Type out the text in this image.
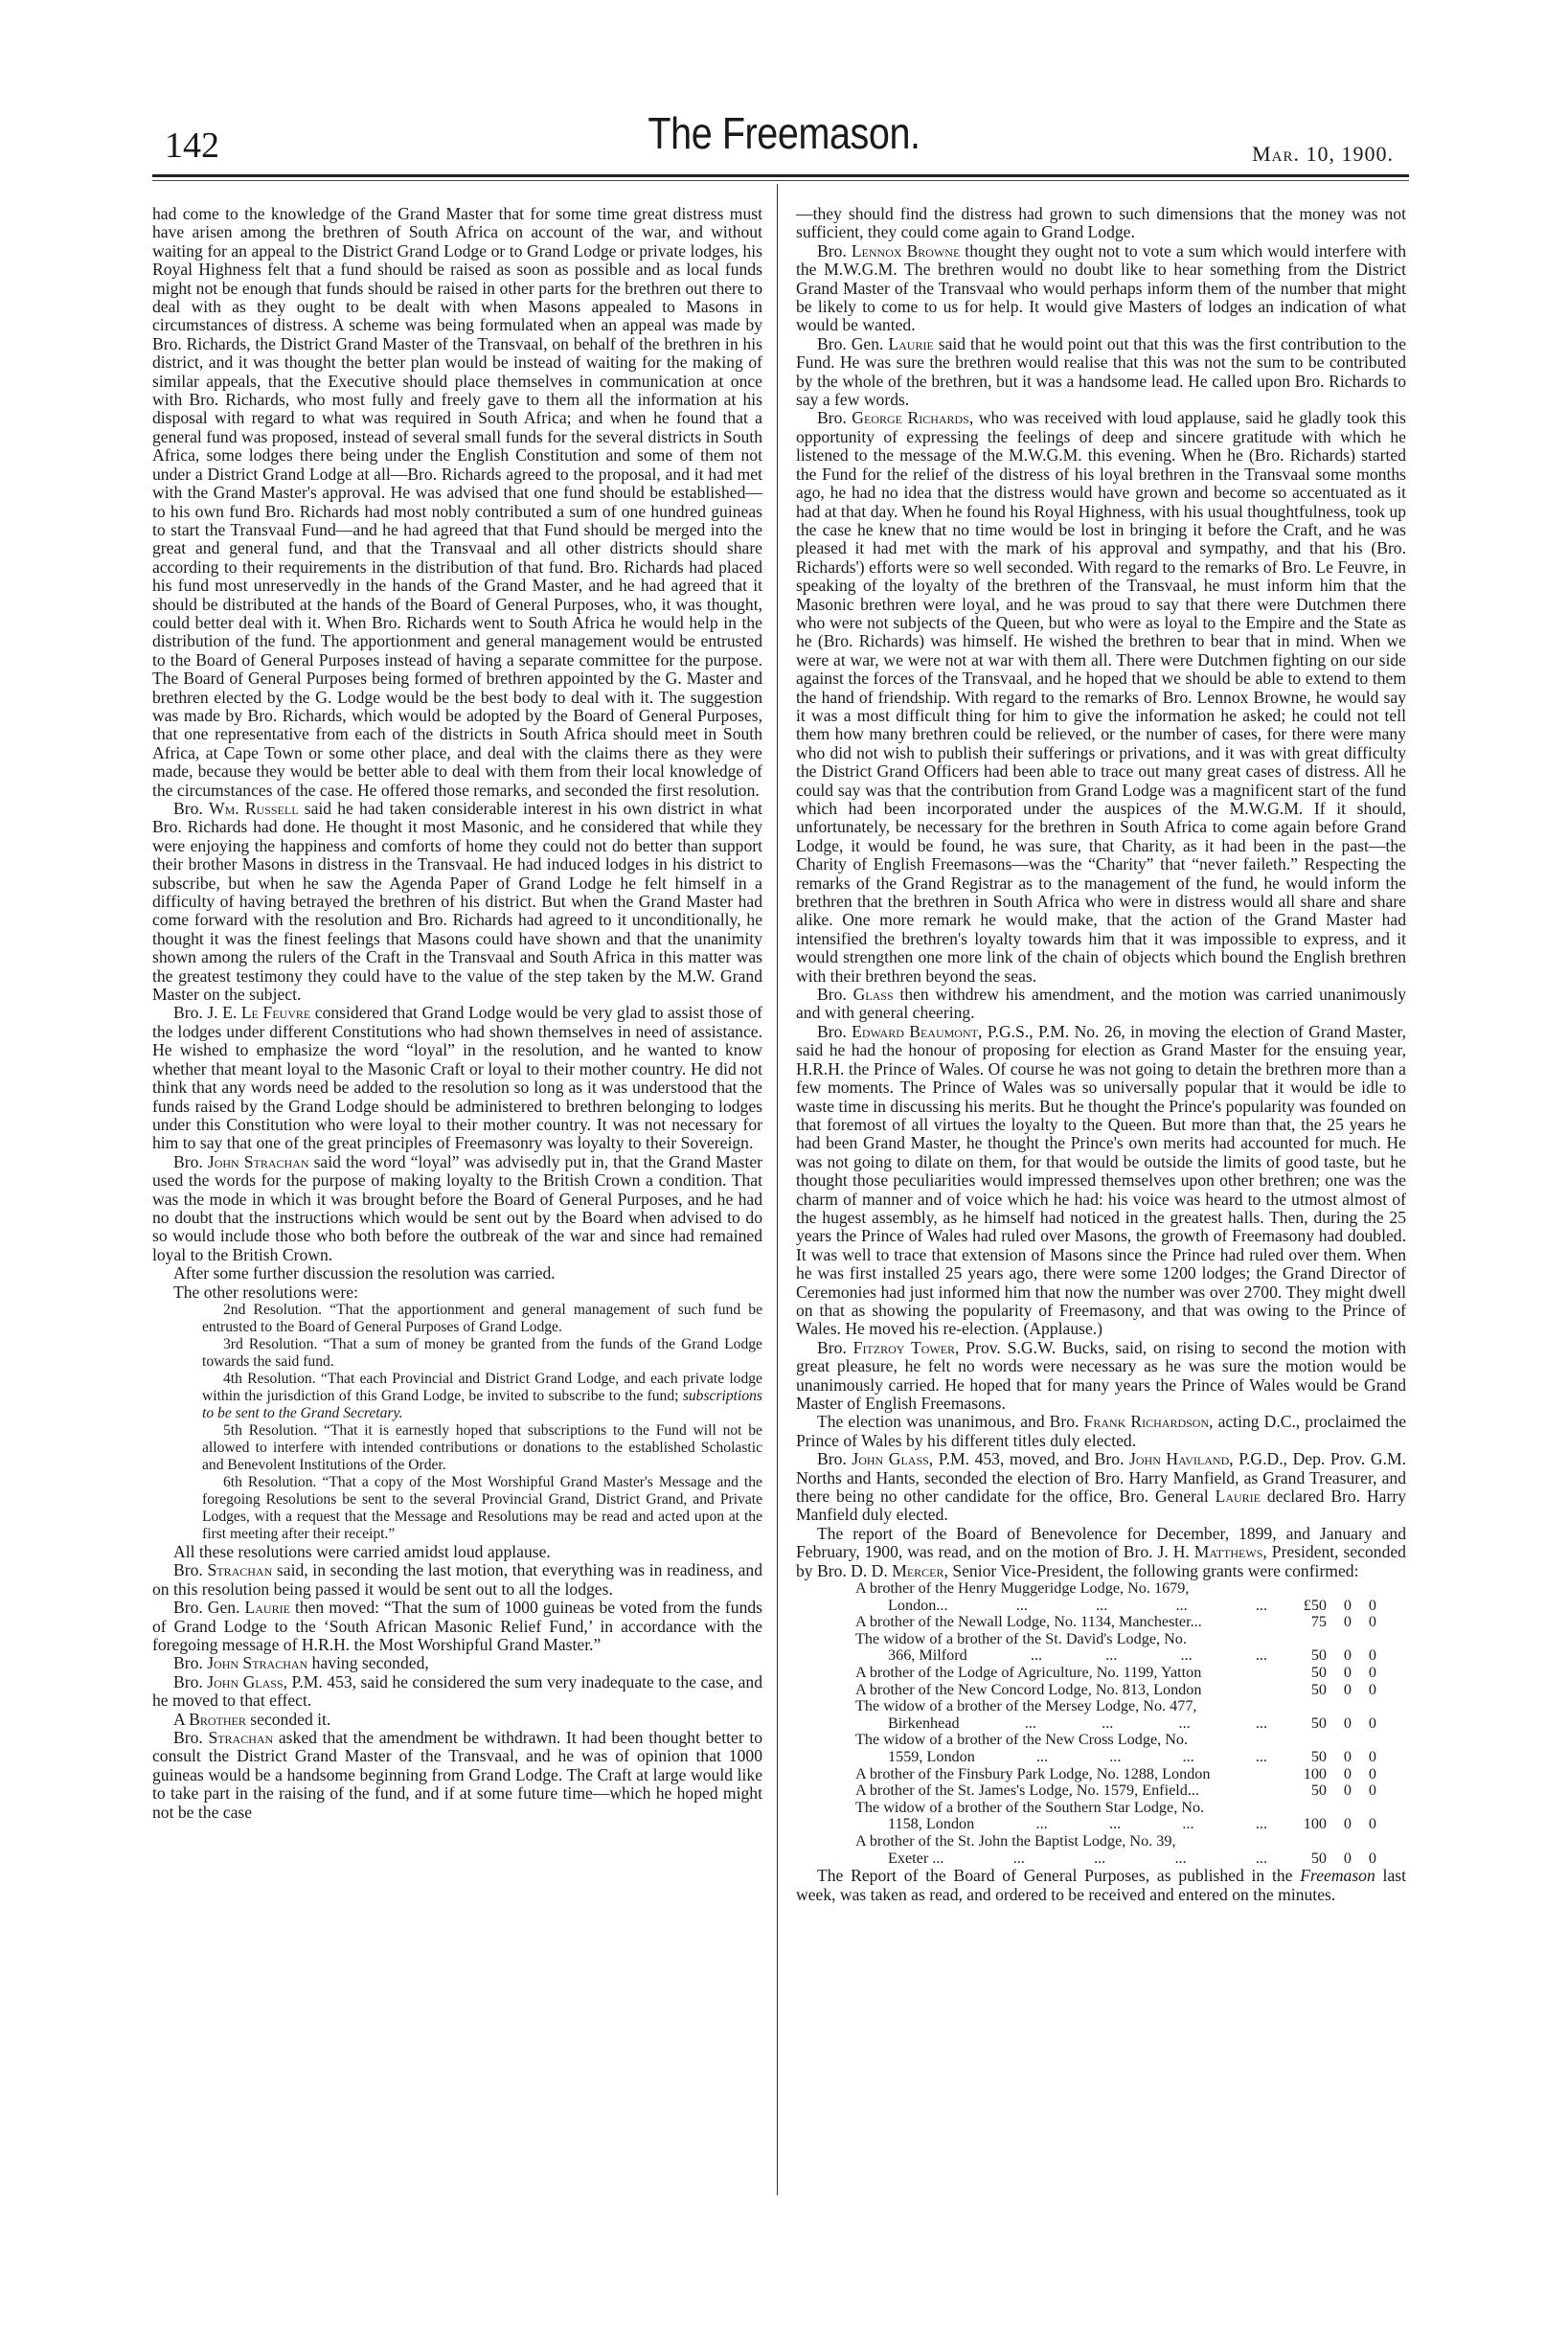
142	The Freemason.	Mar. 10, 1900.

had come to the knowledge of the Grand Master that for some time great distress must have arisen among the brethren of South Africa on account of the war, and without waiting for an appeal to the District Grand Lodge or to Grand Lodge or private lodges, his Royal Highness felt that a fund should be raised as soon as possible and as local funds might not be enough that funds should be raised in other parts for the brethren out there to deal with as they ought to be dealt with when Masons appealed to Masons in circumstances of distress. A scheme was being formulated when an appeal was made by Bro. Richards, the District Grand Master of the Transvaal, on behalf of the brethren in his district, and it was thought the better plan would be instead of waiting for the making of similar appeals, that the Executive should place themselves in communication at once with Bro. Richards, who most fully and freely gave to them all the information at his disposal with regard to what was required in South Africa; and when he found that a general fund was proposed, instead of several small funds for the several districts in South Africa, some lodges there being under the English Constitution and some of them not under a District Grand Lodge at all—Bro. Richards agreed to the proposal, and it had met with the Grand Master's approval. He was advised that one fund should be established—to his own fund Bro. Richards had most nobly contributed a sum of one hundred guineas to start the Transvaal Fund—and he had agreed that that Fund should be merged into the great and general fund, and that the Transvaal and all other districts should share according to their requirements in the distribution of that fund. Bro. Richards had placed his fund most unreservedly in the hands of the Grand Master, and he had agreed that it should be distributed at the hands of the Board of General Purposes, who, it was thought, could better deal with it. When Bro. Richards went to South Africa he would help in the distribution of the fund. The apportionment and general management would be entrusted to the Board of General Purposes instead of having a separate committee for the purpose. The Board of General Purposes being formed of brethren appointed by the G. Master and brethren elected by the G. Lodge would be the best body to deal with it. The suggestion was made by Bro. Richards, which would be adopted by the Board of General Purposes, that one representative from each of the districts in South Africa should meet in South Africa, at Cape Town or some other place, and deal with the claims there as they were made, because they would be better able to deal with them from their local knowledge of the circumstances of the case. He offered those remarks, and seconded the first resolution.

Bro. Wm. Russell said he had taken considerable interest in his own district in what Bro. Richards had done. He thought it most Masonic, and he considered that while they were enjoying the happiness and comforts of home they could not do better than support their brother Masons in distress in the Transvaal. He had induced lodges in his district to subscribe, but when he saw the Agenda Paper of Grand Lodge he felt himself in a difficulty of having betrayed the brethren of his district. But when the Grand Master had come forward with the resolution and Bro. Richards had agreed to it unconditionally, he thought it was the finest feelings that Masons could have shown and that the unanimity shown among the rulers of the Craft in the Transvaal and South Africa in this matter was the greatest testimony they could have to the value of the step taken by the M.W. Grand Master on the subject.

Bro. J. E. Le Feuvre considered that Grand Lodge would be very glad to assist those of the lodges under different Constitutions who had shown themselves in need of assistance. He wished to emphasize the word “loyal” in the resolution, and he wanted to know whether that meant loyal to the Masonic Craft or loyal to their mother country. He did not think that any words need be added to the resolution so long as it was understood that the funds raised by the Grand Lodge should be administered to brethren belonging to lodges under this Constitution who were loyal to their mother country. It was not necessary for him to say that one of the great principles of Freemasonry was loyalty to their Sovereign.

Bro. John Strachan said the word “loyal” was advisedly put in, that the Grand Master used the words for the purpose of making loyalty to the British Crown a condition. That was the mode in which it was brought before the Board of General Purposes, and he had no doubt that the instructions which would be sent out by the Board when advised to do so would include those who both before the outbreak of the war and since had remained loyal to the British Crown.

After some further discussion the resolution was carried.

The other resolutions were:

2nd Resolution. “That the apportionment and general management of such fund be entrusted to the Board of General Purposes of Grand Lodge.

3rd Resolution. “That a sum of money be granted from the funds of the Grand Lodge towards the said fund.

4th Resolution. “That each Provincial and District Grand Lodge, and each private lodge within the jurisdiction of this Grand Lodge, be invited to subscribe to the fund; subscriptions to be sent to the Grand Secretary.

5th Resolution. “That it is earnestly hoped that subscriptions to the Fund will not be allowed to interfere with intended contributions or donations to the established Scholastic and Benevolent Institutions of the Order.

6th Resolution. “That a copy of the Most Worshipful Grand Master's Message and the foregoing Resolutions be sent to the several Provincial Grand, District Grand, and Private Lodges, with a request that the Message and Resolutions may be read and acted upon at the first meeting after their receipt.”

All these resolutions were carried amidst loud applause.

Bro. Strachan said, in seconding the last motion, that everything was in readiness, and on this resolution being passed it would be sent out to all the lodges.

Bro. Gen. Laurie then moved: “That the sum of 1000 guineas be voted from the funds of Grand Lodge to the ‘South African Masonic Relief Fund,’ in accordance with the foregoing message of H.R.H. the Most Worshipful Grand Master.”

Bro. John Strachan having seconded,

Bro. John Glass, P.M. 453, said he considered the sum very inadequate to the case, and he moved to that effect.

A Brother seconded it.

Bro. Strachan asked that the amendment be withdrawn. It had been thought better to consult the District Grand Master of the Transvaal, and he was of opinion that 1000 guineas would be a handsome beginning from Grand Lodge. The Craft at large would like to take part in the raising of the fund, and if at some future time—which he hoped might not be the case

—they should find the distress had grown to such dimensions that the money was not sufficient, they could come again to Grand Lodge.

Bro. Lennox Browne thought they ought not to vote a sum which would interfere with the M.W.G.M. The brethren would no doubt like to hear something from the District Grand Master of the Transvaal who would perhaps inform them of the number that might be likely to come to us for help. It would give Masters of lodges an indication of what would be wanted.

Bro. Gen. Laurie said that he would point out that this was the first contribution to the Fund. He was sure the brethren would realise that this was not the sum to be contributed by the whole of the brethren, but it was a handsome lead. He called upon Bro. Richards to say a few words.

Bro. George Richards, who was received with loud applause, said he gladly took this opportunity of expressing the feelings of deep and sincere gratitude with which he listened to the message of the M.W.G.M. this evening. When he (Bro. Richards) started the Fund for the relief of the distress of his loyal brethren in the Transvaal some months ago, he had no idea that the distress would have grown and become so accentuated as it had at that day. When he found his Royal Highness, with his usual thoughtfulness, took up the case he knew that no time would be lost in bringing it before the Craft, and he was pleased it had met with the mark of his approval and sympathy, and that his (Bro. Richards') efforts were so well seconded. With regard to the remarks of Bro. Le Feuvre, in speaking of the loyalty of the brethren of the Transvaal, he must inform him that the Masonic brethren were loyal, and he was proud to say that there were Dutchmen there who were not subjects of the Queen, but who were as loyal to the Empire and the State as he (Bro. Richards) was himself. He wished the brethren to bear that in mind. When we were at war, we were not at war with them all. There were Dutchmen fighting on our side against the forces of the Transvaal, and he hoped that we should be able to extend to them the hand of friendship. With regard to the remarks of Bro. Lennox Browne, he would say it was a most difficult thing for him to give the information he asked; he could not tell them how many brethren could be relieved, or the number of cases, for there were many who did not wish to publish their sufferings or privations, and it was with great difficulty the District Grand Officers had been able to trace out many great cases of distress. All he could say was that the contribution from Grand Lodge was a magnificent start of the fund which had been incorporated under the auspices of the M.W.G.M. If it should, unfortunately, be necessary for the brethren in South Africa to come again before Grand Lodge, it would be found, he was sure, that Charity, as it had been in the past—the Charity of English Freemasons—was the “Charity” that “never faileth.” Respecting the remarks of the Grand Registrar as to the management of the fund, he would inform the brethren that the brethren in South Africa who were in distress would all share and share alike. One more remark he would make, that the action of the Grand Master had intensified the brethren's loyalty towards him that it was impossible to express, and it would strengthen one more link of the chain of objects which bound the English brethren with their brethren beyond the seas.

Bro. Glass then withdrew his amendment, and the motion was carried unanimously and with general cheering.

Bro. Edward Beaumont, P.G.S., P.M. No. 26, in moving the election of Grand Master, said he had the honour of proposing for election as Grand Master for the ensuing year, H.R.H. the Prince of Wales. Of course he was not going to detain the brethren more than a few moments. The Prince of Wales was so universally popular that it would be idle to waste time in discussing his merits. But he thought the Prince's popularity was founded on that foremost of all virtues the loyalty to the Queen. But more than that, the 25 years he had been Grand Master, he thought the Prince's own merits had accounted for much. He was not going to dilate on them, for that would be outside the limits of good taste, but he thought those peculiarities would impressed themselves upon other brethren; one was the charm of manner and of voice which he had: his voice was heard to the utmost almost of the hugest assembly, as he himself had noticed in the greatest halls. Then, during the 25 years the Prince of Wales had ruled over Masons, the growth of Freemasony had doubled. It was well to trace that extension of Masons since the Prince had ruled over them. When he was first installed 25 years ago, there were some 1200 lodges; the Grand Director of Ceremonies had just informed him that now the number was over 2700. They might dwell on that as showing the popularity of Freemasony, and that was owing to the Prince of Wales. He moved his re-election. (Applause.)

Bro. Fitzroy Tower, Prov. S.G.W. Bucks, said, on rising to second the motion with great pleasure, he felt no words were necessary as he was sure the motion would be unanimously carried. He hoped that for many years the Prince of Wales would be Grand Master of English Freemasons.

The election was unanimous, and Bro. Frank Richardson, acting D.C., proclaimed the Prince of Wales by his different titles duly elected.

Bro. John Glass, P.M. 453, moved, and Bro. John Haviland, P.G.D., Dep. Prov. G.M. Norths and Hants, seconded the election of Bro. Harry Manfield, as Grand Treasurer, and there being no other candidate for the office, Bro. General Laurie declared Bro. Harry Manfield duly elected.

The report of the Board of Benevolence for December, 1899, and January and February, 1900, was read, and on the motion of Bro. J. H. Matthews, President, seconded by Bro. D. D. Mercer, Senior Vice-President, the following grants were confirmed:

A brother of the Henry Muggeridge Lodge, No. 1679,
London...	...	...	...	...	£50	0	0
A brother of the Newall Lodge, No. 1134, Manchester...	75	0	0
The widow of a brother of the St. David's Lodge, No.
366, Milford	...	...	...	...	50	0	0
A brother of the Lodge of Agriculture, No. 1199, Yatton	50	0	0
A brother of the New Concord Lodge, No. 813, London	50	0	0
The widow of a brother of the Mersey Lodge, No. 477,
Birkenhead	...	...	...	...	50	0	0
The widow of a brother of the New Cross Lodge, No.
1559, London	...	...	...	...	50	0	0
A brother of the Finsbury Park Lodge, No. 1288, London	100	0	0
A brother of the St. James's Lodge, No. 1579, Enfield...	50	0	0
The widow of a brother of the Southern Star Lodge, No.
1158, London	...	...	...	...	100	0	0
A brother of the St. John the Baptist Lodge, No. 39,
Exeter ...	...	...	...	...	50	0	0

The Report of the Board of General Purposes, as published in the Freemason last week, was taken as read, and ordered to be received and entered on the minutes.
